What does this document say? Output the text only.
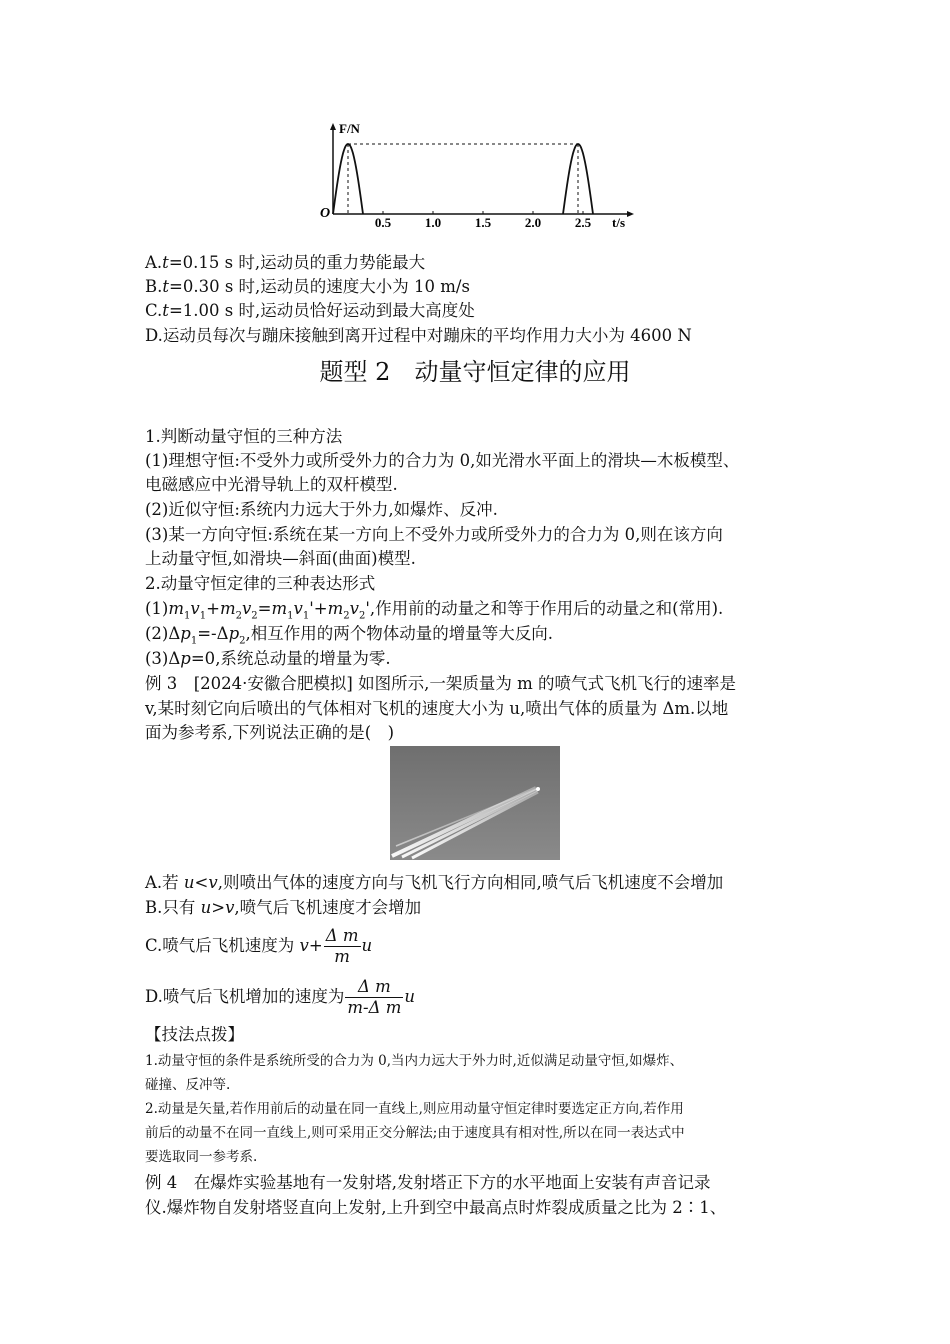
0.5	1.0	1.5	2.0	2.5
O
F/N
t/s
A.t=0.15 s 时,运动员的重力势能最大
B.t=0.30 s 时,运动员的速度大小为 10 m/s
C.t=1.00 s 时,运动员恰好运动到最大高度处
D.运动员每次与蹦床接触到离开过程中对蹦床的平均作用力大小为 4600 N
题型 2　动量守恒定律的应用
1.判断动量守恒的三种方法
(1)理想守恒:不受外力或所受外力的合力为 0,如光滑水平面上的滑块—木板模型、
电磁感应中光滑导轨上的双杆模型.
(2)近似守恒:系统内力远大于外力,如爆炸、反冲.
(3)某一方向守恒:系统在某一方向上不受外力或所受外力的合力为 0,则在该方向
上动量守恒,如滑块—斜面(曲面)模型.
2.动量守恒定律的三种表达形式
$(1)m_1v_1+m_2v_2=m_1v_1'+m_2v_2'$,作用前的动量之和等于作用后的动量之和(常用).
$(2)\Delta p_1=-\Delta p_2$,相互作用的两个物体动量的增量等大反向.
(3)Δp=0,系统总动量的增量为零.
例 3　[2024·安徽合肥模拟] 如图所示,一架质量为 m 的喷气式飞机飞行的速率是
v,某时刻它向后喷出的气体相对飞机的速度大小为 u,喷出气体的质量为 Δm.以地
面为参考系,下列说法正确的是(　)
A.若 u<v,则喷出气体的速度方向与飞机飞行方向相同,喷气后飞机速度不会增加
B.只有 u>v,喷气后飞机速度才会增加
C.喷气后飞机速度为 $v+ \frac{\text{Δ m}}{m}$ u
D.喷气后飞机增加的速度为 $\frac{\text{Δ m}}{\text{m-Δ m}}$ u
【技法点拨】
1.动量守恒的条件是系统所受的合力为 0,当内力远大于外力时,近似满足动量守恒,如爆炸、
碰撞、反冲等.
2.动量是矢量,若作用前后的动量在同一直线上,则应用动量守恒定律时要选定正方向,若作用
前后的动量不在同一直线上,则可采用正交分解法;由于速度具有相对性,所以在同一表达式中
要选取同一参考系.
例 4　在爆炸实验基地有一发射塔,发射塔正下方的水平地面上安装有声音记录
仪.爆炸物自发射塔竖直向上发射,上升到空中最高点时炸裂成质量之比为 2∶1、
